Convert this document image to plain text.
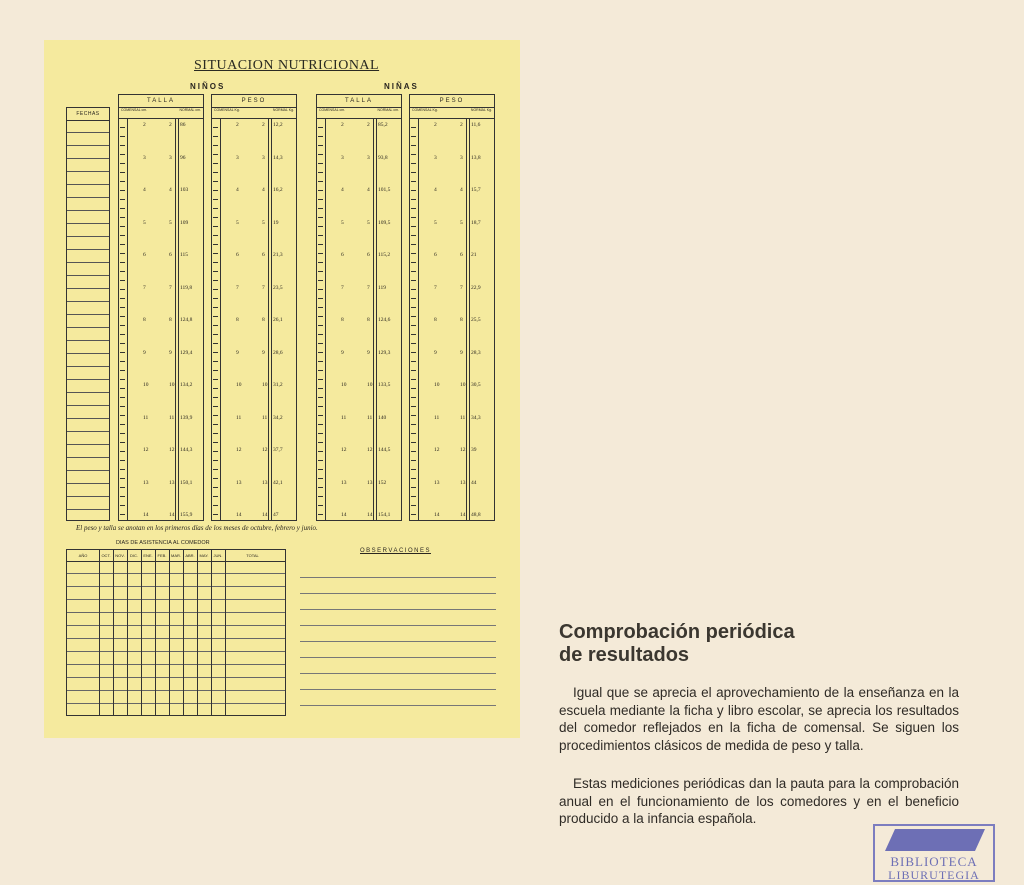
SITUACION NUTRICIONAL
NIÑOS	NIÑAS
FECHAS
TALLA
COMENSAL cm.	NORMAL cm.
2	2 86
3	3 96
4	4 103
5	5 109
6	6 115
7	7 119,8
8	8 124,8
9	9 129,4
10	10 134,2
11	11 139,9
12	12 144,3
13	13 150,1
14	14 155,9
PESO
COMENSAL Kg.	NORMAL Kg.
2	2 12,2
3	3 14,3
4	4 16,2
5	5 19
6	6 21,3
7	7 23,5
8	8 26,1
9	9 28,6
10	10 31,2
11	11 34,2
12	12 37,7
13	13 42,1
14	14 47
TALLA
COMENSAL cm.	NORMAL cm.
2	2 85,2
3	3 93,8
4	4 101,5
5	5 109,5
6	6 115,2
7	7 119
8	8 124,6
9	9 129,3
10	10 133,5
11	11 140
12	12 144,5
13	13 152
14	14 154,1
PESO
COMENSAL Kg.	NORMAL Kg.
2	2 11,6
3	3 13,8
4	4 15,7
5	5 18,7
6	6 21
7	7 22,9
8	8 25,5
9	9 28,3
10	10 30,5
11	11 34,3
12	12 39
13	13 44
14	14 48,8
El peso y talla se anotan en los primeros días de los meses de octubre, febrero y junio.
DIAS DE ASISTENCIA AL COMEDOR
AÑO	OCT.	NOV.	DIC.	ENE.	FEB.	MAR.	ABR.	MAY.	JUN.	TOTAL
OBSERVACIONES
Comprobación periódica
de resultados
Igual que se aprecia el aprovechamiento de la enseñanza en la escuela mediante la ficha y libro escolar, se aprecia los resultados del comedor reflejados en la ficha de comensal. Se siguen los procedimientos clásicos de medida de peso y talla.
Estas mediciones periódicas dan la pauta para la comprobación anual en el funcionamiento de los comedores y en el beneficio producido a la infancia española.
BIBLIOTECA
LIBURUTEGIA
